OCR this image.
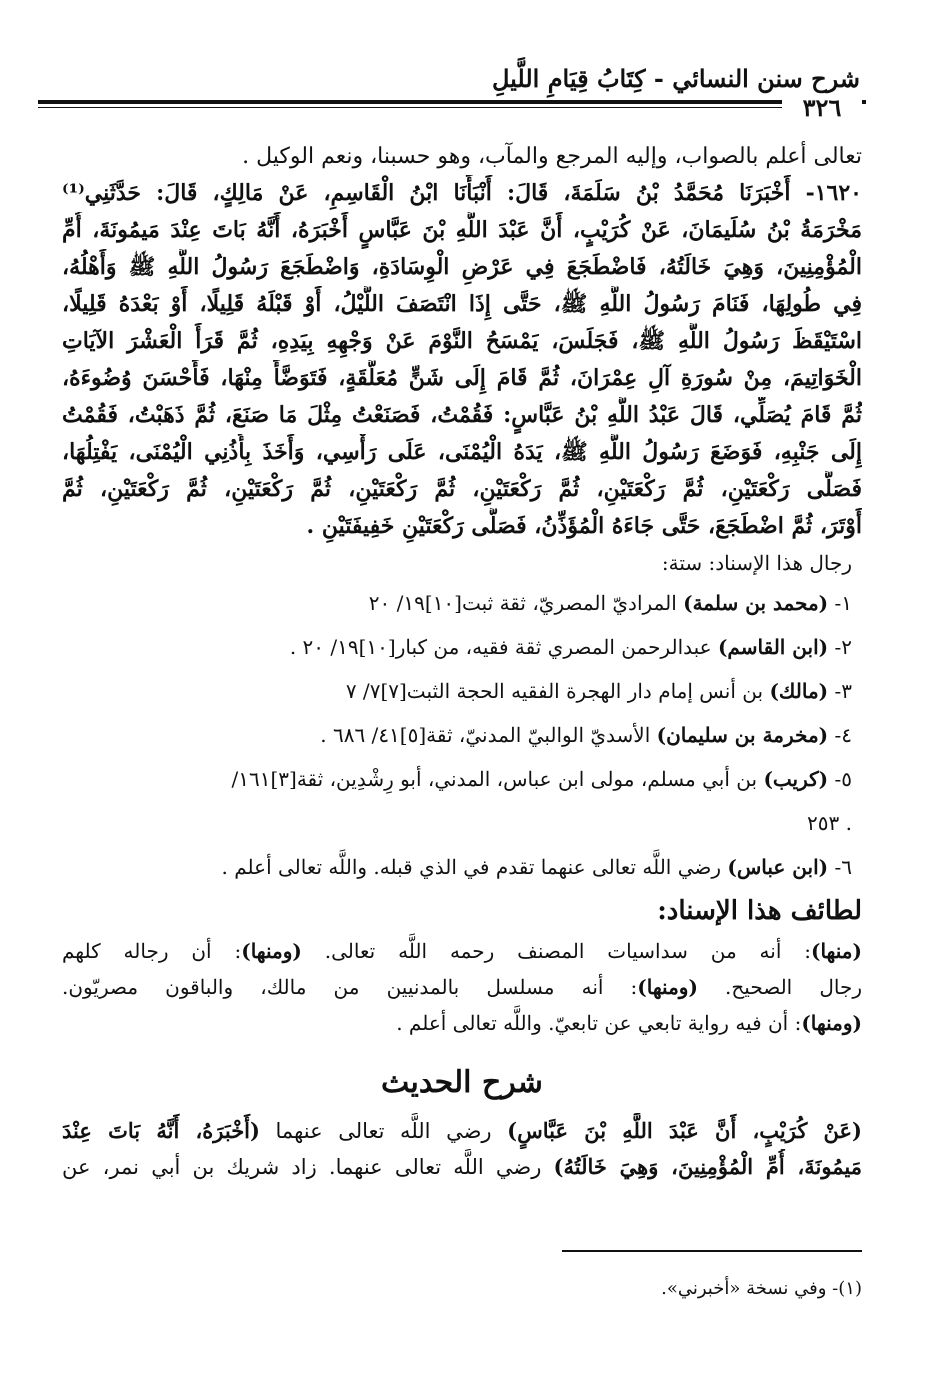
شرح سنن النسائي - كِتَابُ قِيَامِ اللَّيلِ
٣٢٦
تعالى أعلم بالصواب، وإليه المرجع والمآب، وهو حسبنا، ونعم الوكيل .
١٦٢٠- أَخْبَرَنَا مُحَمَّدُ بْنُ سَلَمَةَ، قَالَ: أَنْبَأَنَا ابْنُ الْقَاسِمِ، عَنْ مَالِكٍ، قَالَ: حَدَّثَنِي⁽¹⁾
مَخْرَمَةُ بْنُ سُلَيمَانَ، عَنْ كُرَيْبٍ، أَنَّ عَبْدَ اللَّهِ بْنَ عَبَّاسٍ أَخْبَرَهُ، أَنَّهُ بَاتَ عِنْدَ مَيمُونَةَ، أُمِّ
الْمُؤْمِنِينَ، وَهِيَ خَالَتُهُ، فَاضْطَجَعَ فِي عَرْضِ الْوِسَادَةِ، وَاضْطَجَعَ رَسُولُ اللَّهِ ﷺ وَأَهْلُهُ،
فِي طُولِهَا، فَنَامَ رَسُولُ اللَّهِ ﷺ، حَتَّى إِذَا انْتَصَفَ اللَّيْلُ، أَوْ قَبْلَهُ قَلِيلًا، أَوْ بَعْدَهُ قَلِيلًا،
اسْتَيْقَظَ رَسُولُ اللَّهِ ﷺ، فَجَلَسَ، يَمْسَحُ النَّوْمَ عَنْ وَجْهِهِ بِيَدِهِ، ثُمَّ قَرَأَ الْعَشْرَ الآيَاتِ
الْخَوَاتِيمَ، مِنْ سُورَةِ آلِ عِمْرَانَ، ثُمَّ قَامَ إِلَى شَنٍّ مُعَلَّقَةٍ، فَتَوَضَّأَ مِنْهَا، فَأَحْسَنَ وُضُوءَهُ،
ثُمَّ قَامَ يُصَلِّي، قَالَ عَبْدُ اللَّهِ بْنُ عَبَّاسٍ: فَقُمْتُ، فَصَنَعْتُ مِثْلَ مَا صَنَعَ، ثُمَّ ذَهَبْتُ، فَقُمْتُ
إِلَى جَنْبِهِ، فَوَضَعَ رَسُولُ اللَّهِ ﷺ، يَدَهُ الْيُمْنَى، عَلَى رَأْسِي، وَأَخَذَ بِأُذُنِي الْيُمْنَى، يَفْتِلُهَا،
فَصَلَّى رَكْعَتَيْنِ، ثُمَّ رَكْعَتَيْنِ، ثُمَّ رَكْعَتَيْنِ، ثُمَّ رَكْعَتَيْنِ، ثُمَّ رَكْعَتَيْنِ، ثُمَّ رَكْعَتَيْنِ، ثُمَّ
أَوْتَرَ، ثُمَّ اضْطَجَعَ، حَتَّى جَاءَهُ الْمُؤَذِّنُ، فَصَلَّى رَكْعَتَيْنِ خَفِيفَتَيْنِ .
رجال هذا الإسناد: ستة:
١- (محمد بن سلمة) المراديّ المصريّ، ثقة ثبت[١٠]١٩/ ٢٠
٢- (ابن القاسم) عبدالرحمن المصري ثقة فقيه، من كبار[١٠]١٩/ ٢٠ .
٣- (مالك) بن أنس إمام دار الهجرة الفقيه الحجة الثبت[٧]٧/ ٧
٤- (مخرمة بن سليمان) الأسديّ الوالبيّ المدنيّ، ثقة[٥]٤١/ ٦٨٦ .
٥- (كريب) بن أبي مسلم، مولى ابن عباس، المدني، أبو رِشْدِين، ثقة[٣]١٦١/
. ٢٥٣
٦- (ابن عباس) رضي اللَّه تعالى عنهما تقدم في الذي قبله. واللَّه تعالى أعلم .
لطائف هذا الإسناد:
(منها): أنه من سداسيات المصنف رحمه اللَّه تعالى. (ومنها): أن رجاله كلهم
رجال الصحيح. (ومنها): أنه مسلسل بالمدنيين من مالك، والباقون مصريّون.
(ومنها): أن فيه رواية تابعي عن تابعيّ. واللَّه تعالى أعلم .
شرح الحديث
(عَنْ كُرَيْبٍ، أَنَّ عَبْدَ اللَّهِ بْنَ عَبَّاسٍ) رضي اللَّه تعالى عنهما (أَخْبَرَهُ، أَنَّهُ بَاتَ عِنْدَ
مَيمُونَةَ، أُمِّ الْمُؤْمِنِينَ، وَهِيَ خَالَتُهُ) رضي اللَّه تعالى عنهما. زاد شريك بن أبي نمر، عن
(١)- وفي نسخة «أخبرني».
